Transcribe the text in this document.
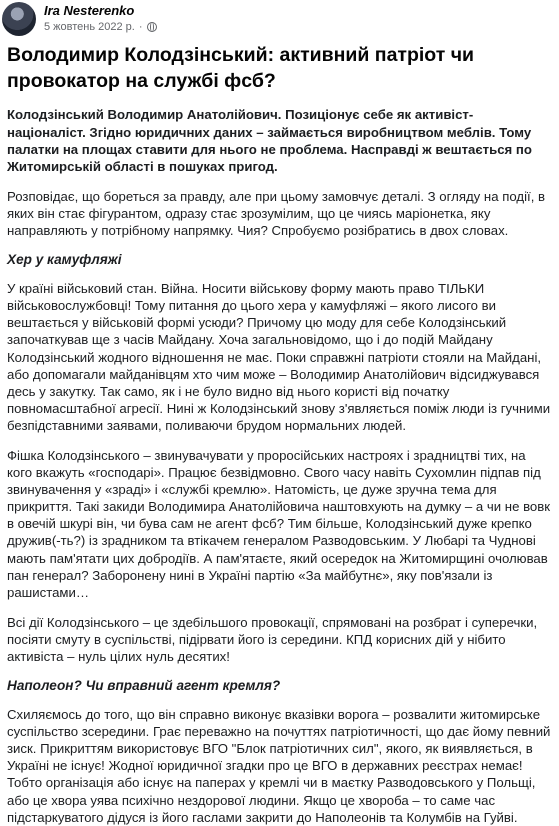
Ira Nesterenko
5 жовтень 2022 р. ·
Володимир Колодзінський: активний патріот чи провокатор на службі фсб?

Колодзінський Володимир Анатолійович. Позиціонує себе як активіст-націоналіст. Згідно юридичних даних – займається виробництвом меблів. Тому палатки на площах ставити для нього не проблема. Насправді ж вештається по Житомирській області в пошуках пригод.

Розповідає, що бореться за правду, але при цьому замовчує деталі. З огляду на події, в яких він стає фігурантом, одразу стає зрозумілим, що це чиясь маріонетка, яку направляють у потрібному напрямку. Чия? Спробуємо розібратись в двох словах.

Хер у камуфляжі

У країні військовий стан. Війна. Носити військову форму мають право ТІЛЬКИ військовослужбовці! Тому питання до цього хера у камуфляжі – якого лисого ви вештається у військовій формі усюди? Причому цю моду для себе Колодзінський започаткував ще з часів Майдану. Хоча загальновідомо, що і до подій Майдану Колодзінський жодного відношення не має. Поки справжні патріоти стояли на Майдані, або допомагали майданівцям хто чим може – Володимир Анатолійович відсиджувався десь у закутку. Так само, як і не було видно від нього користі від початку повномасштабної агресії. Нині ж Колодзінський знову з'являється поміж люди із гучними безпідставними заявами, поливаючи брудом нормальних людей.

Фішка Колодзінського – звинувачувати у проросійських настроях і зрадництві тих, на кого вкажуть «господарі». Працює безвідмовно. Свого часу навіть Сухомлин підпав під звинувачення у «зраді» і «службі кремлю». Натомість, це дуже зручна тема для прикриття. Такі закиди Володимира Анатолійовича наштовхують на думку – а чи не вовк в овечій шкурі він, чи бува сам не агент фсб? Тим більше, Колодзінський дуже крепко дружив(-ть?) із зрадником та втікачем генералом Разводовським. У Любарі та Чуднові мають пам'ятати цих добродіїв. А пам'ятаєте, який осередок на Житомирщині очолював пан генерал? Заборонену нині в Україні партію «За майбутнє», яку пов'язали із рашистами…

Всі дії Колодзінського – це здебільшого провокації, спрямовані на розбрат і суперечки, посіяти смуту в суспільстві, підірвати його із середини. КПД корисних дій у нібито активіста – нуль цілих нуль десятих!

Наполеон? Чи вправний агент кремля?

Схиляємось до того, що він справно виконує вказівки ворога – розвалити житомирське суспільство зсередини. Грає переважно на почуттях патріотичності, що дає йому певний зиск. Прикриттям використовує ВГО "Блок патріотичних сил", якого, як виявляється, в Україні не існує! Жодної юридичної згадки про це ВГО в державних реєстрах немає! Тобто організація або існує на паперах у кремлі чи в маєтку Разводовського у Польщі, або це хвора уява психічно нездорової людини. Якщо це хвороба – то саме час підстаркуватого дідуся із його гаслами закрити до Наполеонів та Колумбів на Гуйві.
